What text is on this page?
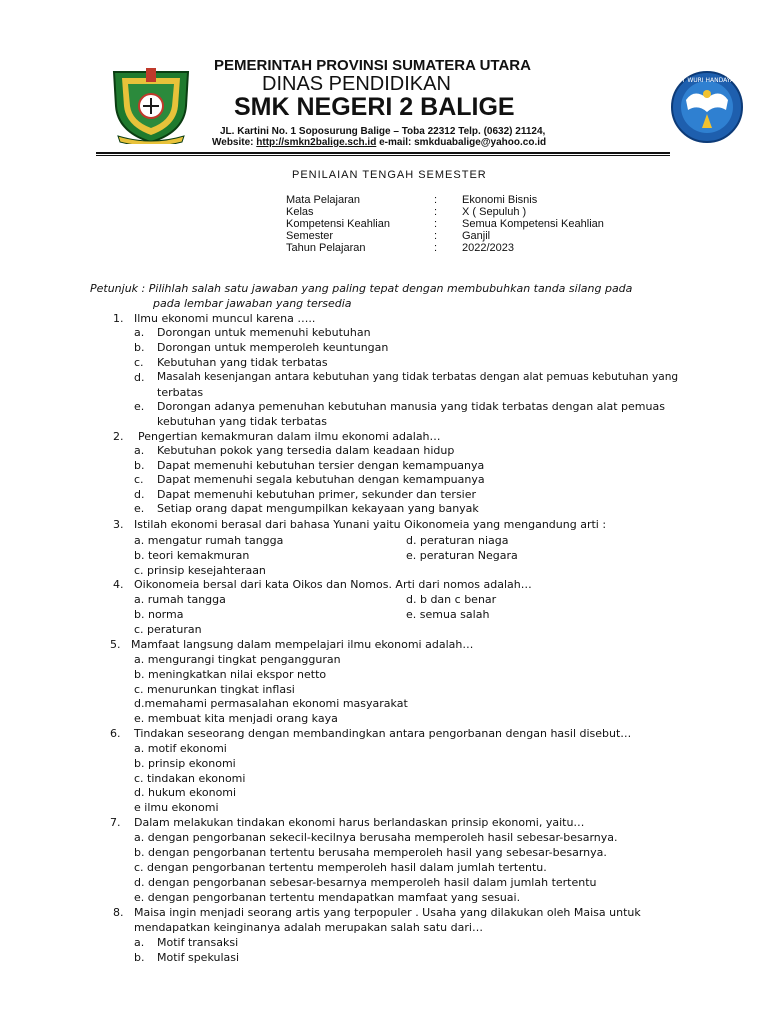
TUT WURI HANDAYANI
PEMERINTAH PROVINSI SUMATERA UTARA
DINAS PENDIDIKAN
SMK NEGERI 2 BALIGE
JL. Kartini No. 1 Soposurung Balige – Toba 22312 Telp. (0632) 21124,
Website: http://smkn2balige.sch.id e-mail: smkduabalige@yahoo.co.id
PENILAIAN TENGAH SEMESTER
Mata Pelajaran	: Ekonomi Bisnis
Kelas	: X ( Sepuluh )
Kompetensi Keahlian	: Semua Kompetensi Keahlian
Semester	: Ganjil
Tahun Pelajaran	: 2022/2023
Petunjuk : Pilihlah salah satu jawaban yang paling tepat dengan membubuhkan tanda silang pada
pada lembar jawaban yang tersedia
1. Ilmu ekonomi muncul karena …..
a. Dorongan untuk memenuhi kebutuhan
b. Dorongan untuk memperoleh keuntungan
c. Kebutuhan yang tidak terbatas
d. Masalah kesenjangan antara kebutuhan yang tidak terbatas dengan alat pemuas kebutuhan yang
terbatas
e. Dorongan adanya pemenuhan kebutuhan manusia yang tidak terbatas dengan alat pemuas
kebutuhan yang tidak terbatas
2. Pengertian kemakmuran dalam ilmu ekonomi adalah…
a. Kebutuhan pokok yang tersedia dalam keadaan hidup
b. Dapat memenuhi kebutuhan tersier dengan kemampuanya
c. Dapat memenuhi segala kebutuhan dengan kemampuanya
d. Dapat memenuhi kebutuhan primer, sekunder dan tersier
e. Setiap orang dapat mengumpilkan kekayaan yang banyak
3. Istilah ekonomi berasal dari bahasa Yunani yaitu Oikonomeia yang mengandung arti :
a. mengatur rumah tangga	d. peraturan niaga
b. teori kemakmuran	e. peraturan Negara
c. prinsip kesejahteraan
4. Oikonomeia bersal dari kata Oikos dan Nomos. Arti dari nomos adalah…
a. rumah tangga	d. b dan c benar
b. norma	e. semua salah
c. peraturan
5. Mamfaat langsung dalam mempelajari ilmu ekonomi adalah…
a. mengurangi tingkat pengangguran
b. meningkatkan nilai ekspor netto
c. menurunkan tingkat inflasi
d.memahami permasalahan ekonomi masyarakat
e. membuat kita menjadi orang kaya
6. Tindakan seseorang dengan membandingkan antara pengorbanan dengan hasil disebut…
a. motif ekonomi
b. prinsip ekonomi
c. tindakan ekonomi
d. hukum ekonomi
e ilmu ekonomi
7. Dalam melakukan tindakan ekonomi harus berlandaskan prinsip ekonomi, yaitu…
a. dengan pengorbanan sekecil-kecilnya berusaha memperoleh hasil sebesar-besarnya.
b. dengan pengorbanan tertentu berusaha memperoleh hasil yang sebesar-besarnya.
c. dengan pengorbanan tertentu memperoleh hasil dalam jumlah tertentu.
d. dengan pengorbanan sebesar-besarnya memperoleh hasil dalam jumlah tertentu
e. dengan pengorbanan tertentu mendapatkan mamfaat yang sesuai.
8. Maisa ingin menjadi seorang artis yang terpopuler . Usaha yang dilakukan oleh Maisa untuk
mendapatkan keinginanya adalah merupakan salah satu dari…
a. Motif transaksi
b. Motif spekulasi
